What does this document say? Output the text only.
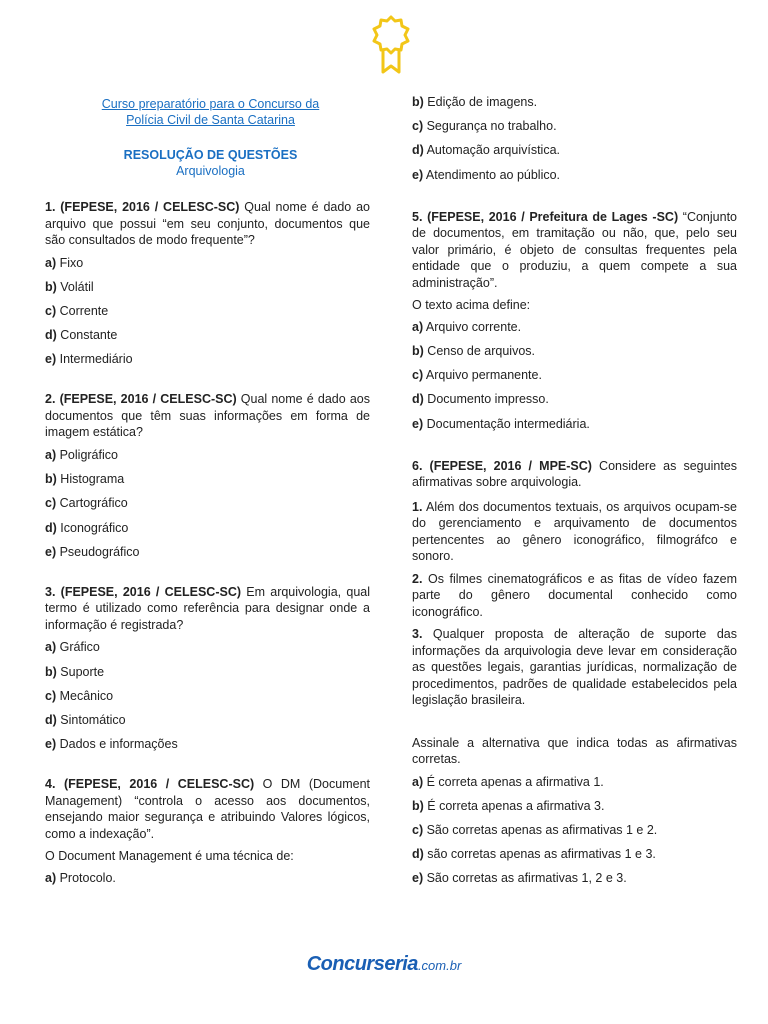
Curso preparatório para o Concurso da
Polícia Civil de Santa Catarina
RESOLUÇÃO DE QUESTÕES
Arquivologia

1. (FEPESE, 2016 / CELESC-SC) Qual nome é dado ao arquivo que possui “em seu conjunto, documentos que são consultados de modo frequente”?

a) Fixo

b) Volátil

c) Corrente

d) Constante

e) Intermediário

2. (FEPESE, 2016 / CELESC-SC) Qual nome é dado aos documentos que têm suas informações em forma de imagem estática?

a) Poligráfico

b) Histograma

c) Cartográfico

d) Iconográfico

e) Pseudográfico

3. (FEPESE, 2016 / CELESC-SC) Em arquivologia, qual termo é utilizado como referência para designar onde a informação é registrada?

a) Gráfico

b) Suporte

c) Mecânico

d) Sintomático

e) Dados e informações

4. (FEPESE, 2016 / CELESC-SC) O DM (Document Management) “controla o acesso aos documentos, ensejando maior segurança e atribuindo Valores lógicos, como a indexação”.

O Document Management é uma técnica de:

a) Protocolo.

b) Edição de imagens.

c) Segurança no trabalho.

d) Automação arquivística.

e) Atendimento ao público.

5. (FEPESE, 2016 / Prefeitura de Lages -SC) “Conjunto de documentos, em tramitação ou não, que, pelo seu valor primário, é objeto de consultas frequentes pela entidade que o produziu, a quem compete a sua administração”.

O texto acima define:

a) Arquivo corrente.

b) Censo de arquivos.

c) Arquivo permanente.

d) Documento impresso.

e) Documentação intermediária.

6. (FEPESE, 2016 / MPE-SC) Considere as seguintes afirmativas sobre arquivologia.

1. Além dos documentos textuais, os arquivos ocupam-se do gerenciamento e arquivamento de documentos pertencentes ao gênero iconográfico, filmográfco e sonoro.

2. Os filmes cinematográficos e as fitas de vídeo fazem parte do gênero documental conhecido como iconográfico.

3. Qualquer proposta de alteração de suporte das informações da arquivologia deve levar em consideração as questões legais, garantias jurídicas, normalização de procedimentos, padrões de qualidade estabelecidos pela legislação brasileira.

Assinale a alternativa que indica todas as afirmativas corretas.

a) É correta apenas a afirmativa 1.

b) É correta apenas a afirmativa 3.

c) São corretas apenas as afirmativas 1 e 2.

d) são corretas apenas as afirmativas 1 e 3.

e) São corretas as afirmativas 1, 2 e 3.

Concurseria.com.br
